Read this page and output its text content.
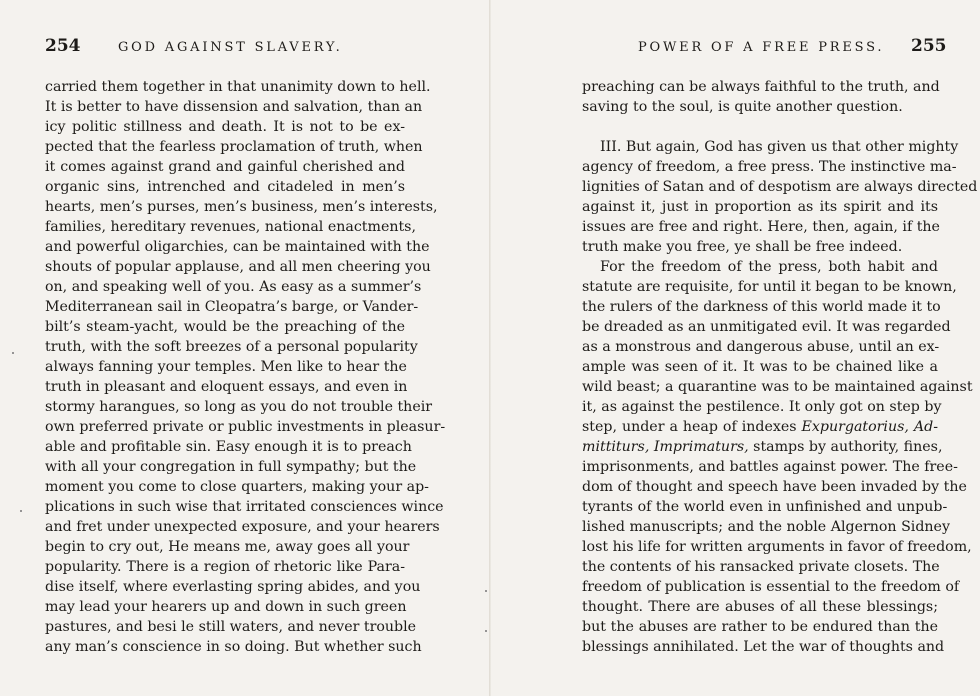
254	GOD AGAINST SLAVERY.
carried them together in that unanimity down to hell.
It is better to have dissension and salvation, than an
icy politic stillness and death. It is not to be ex-
pected that the fearless proclamation of truth, when
it comes against grand and gainful cherished and
organic sins, intrenched and citadeled in men’s
hearts, men’s purses, men’s business, men’s interests,
families, hereditary revenues, national enactments,
and powerful oligarchies, can be maintained with the
shouts of popular applause, and all men cheering you
on, and speaking well of you. As easy as a summer’s
Mediterranean sail in Cleopatra’s barge, or Vander-
bilt’s steam-yacht, would be the preaching of the
truth, with the soft breezes of a personal popularity
always fanning your temples. Men like to hear the
truth in pleasant and eloquent essays, and even in
stormy harangues, so long as you do not trouble their
own preferred private or public investments in pleasur-
able and profitable sin. Easy enough it is to preach
with all your congregation in full sympathy; but the
moment you come to close quarters, making your ap-
plications in such wise that irritated consciences wince
and fret under unexpected exposure, and your hearers
begin to cry out, He means me, away goes all your
popularity. There is a region of rhetoric like Para-
dise itself, where everlasting spring abides, and you
may lead your hearers up and down in such green
pastures, and besi le still waters, and never trouble
any man’s conscience in so doing. But whether such
POWER OF A FREE PRESS. 255
preaching can be always faithful to the truth, and
saving to the soul, is quite another question.
III. But again, God has given us that other mighty
agency of freedom, a free press. The instinctive ma-
lignities of Satan and of despotism are always directed
against it, just in proportion as its spirit and its
issues are free and right. Here, then, again, if the
truth make you free, ye shall be free indeed.
For the freedom of the press, both habit and
statute are requisite, for until it began to be known,
the rulers of the darkness of this world made it to
be dreaded as an unmitigated evil. It was regarded
as a monstrous and dangerous abuse, until an ex-
ample was seen of it. It was to be chained like a
wild beast; a quarantine was to be maintained against
it, as against the pestilence. It only got on step by
step, under a heap of indexes Expurgatorius, Ad-
mittiturs, Imprimaturs, stamps by authority, fines,
imprisonments, and battles against power. The free-
dom of thought and speech have been invaded by the
tyrants of the world even in unfinished and unpub-
lished manuscripts; and the noble Algernon Sidney
lost his life for written arguments in favor of freedom,
the contents of his ransacked private closets. The
freedom of publication is essential to the freedom of
thought. There are abuses of all these blessings;
but the abuses are rather to be endured than the
blessings annihilated. Let the war of thoughts and
